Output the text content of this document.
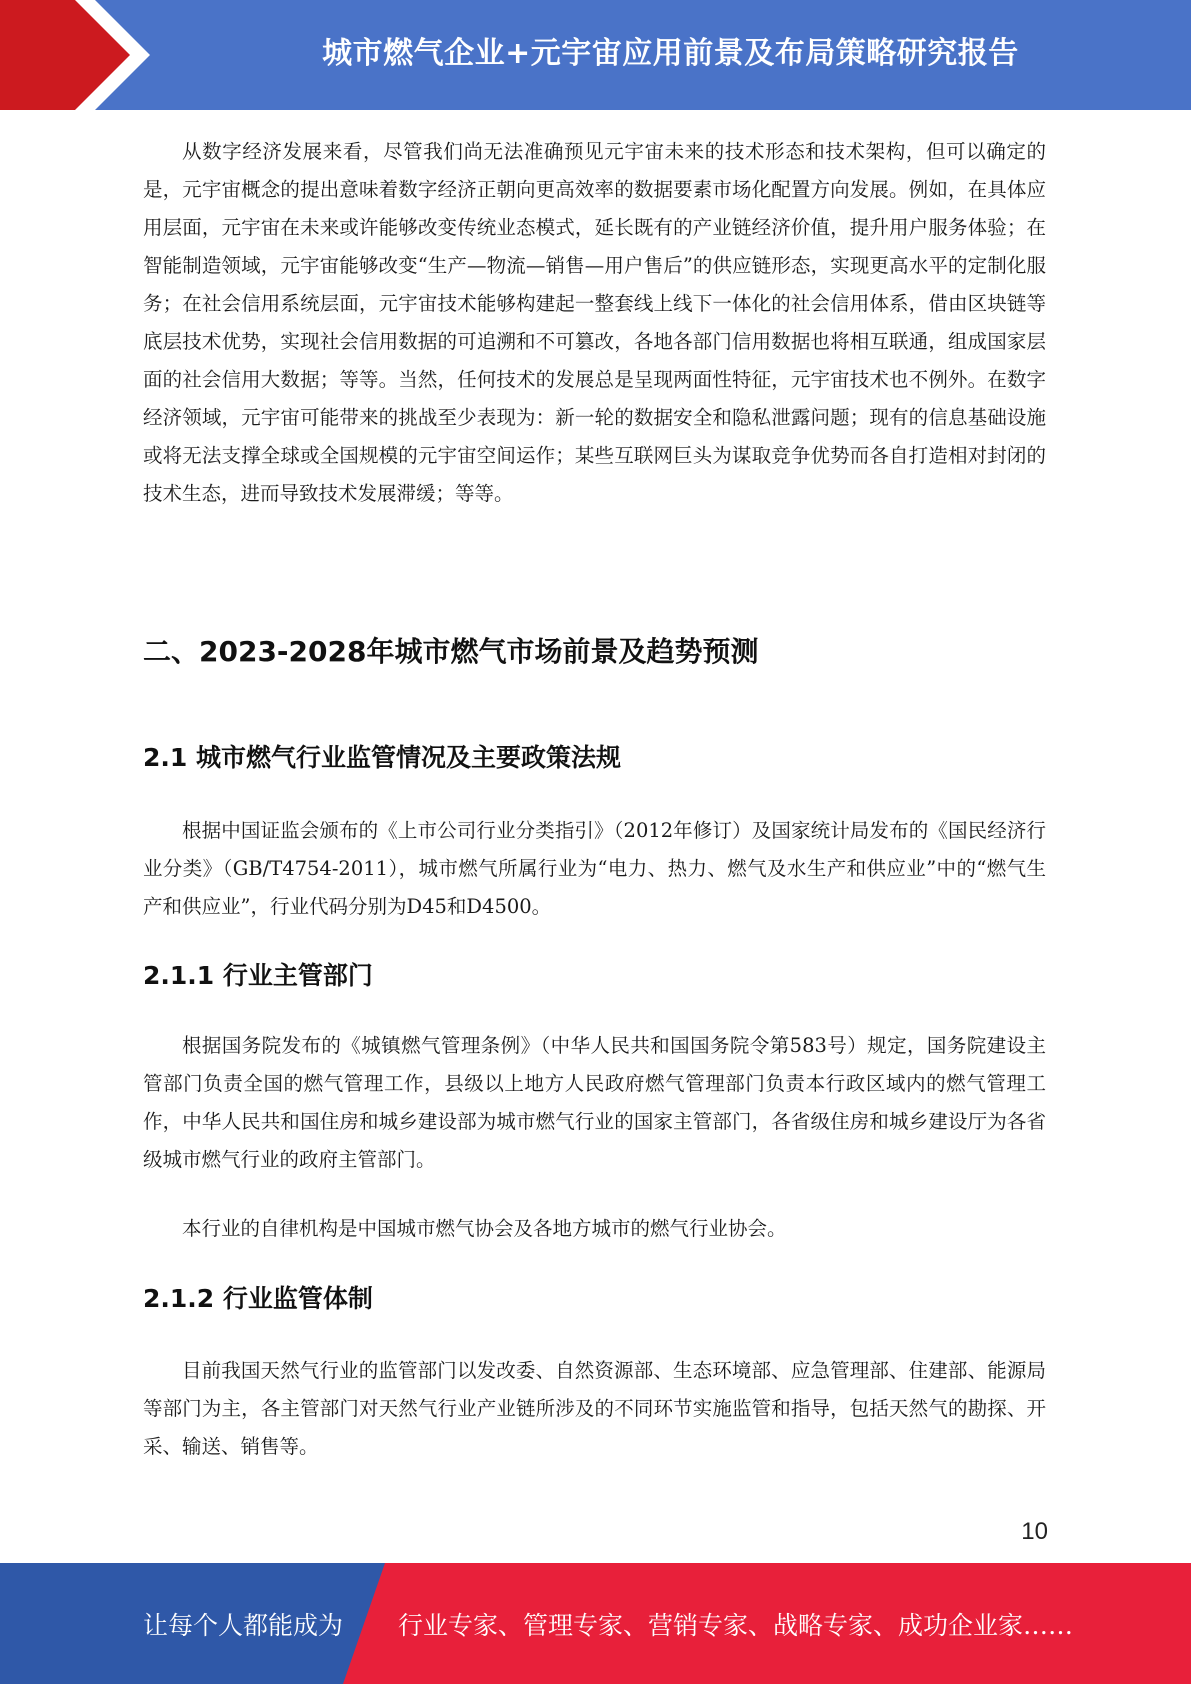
城市燃气企业+元宇宙应用前景及布局策略研究报告

从数字经济发展来看，尽管我们尚无法准确预见元宇宙未来的技术形态和技术架构，但可以确定的是，元宇宙概念的提出意味着数字经济正朝向更高效率的数据要素市场化配置方向发展。例如，在具体应用层面，元宇宙在未来或许能够改变传统业态模式，延长既有的产业链经济价值，提升用户服务体验；在智能制造领域，元宇宙能够改变“生产—物流—销售—用户售后”的供应链形态，实现更高水平的定制化服务；在社会信用系统层面，元宇宙技术能够构建起一整套线上线下一体化的社会信用体系，借由区块链等底层技术优势，实现社会信用数据的可追溯和不可篡改，各地各部门信用数据也将相互联通，组成国家层面的社会信用大数据；等等。当然，任何技术的发展总是呈现两面性特征，元宇宙技术也不例外。在数字经济领域，元宇宙可能带来的挑战至少表现为：新一轮的数据安全和隐私泄露问题；现有的信息基础设施或将无法支撑全球或全国规模的元宇宙空间运作；某些互联网巨头为谋取竞争优势而各自打造相对封闭的技术生态，进而导致技术发展滞缓；等等。

二、2023-2028年城市燃气市场前景及趋势预测
2.1 城市燃气行业监管情况及主要政策法规

根据中国证监会颁布的《上市公司行业分类指引》（2012年修订）及国家统计局发布的《国民经济行业分类》（GB/T4754-2011），城市燃气所属行业为“电力、热力、燃气及水生产和供应业”中的“燃气生产和供应业”，行业代码分别为D45和D4500。

2.1.1 行业主管部门

根据国务院发布的《城镇燃气管理条例》（中华人民共和国国务院令第583号）规定，国务院建设主管部门负责全国的燃气管理工作，县级以上地方人民政府燃气管理部门负责本行政区域内的燃气管理工作，中华人民共和国住房和城乡建设部为城市燃气行业的国家主管部门，各省级住房和城乡建设厅为各省级城市燃气行业的政府主管部门。

本行业的自律机构是中国城市燃气协会及各地方城市的燃气行业协会。

2.1.2 行业监管体制

目前我国天然气行业的监管部门以发改委、自然资源部、生态环境部、应急管理部、住建部、能源局等部门为主，各主管部门对天然气行业产业链所涉及的不同环节实施监管和指导，包括天然气的勘探、开采、输送、销售等。

10
让每个人都能成为 行业专家、管理专家、营销专家、战略专家、成功企业家……
